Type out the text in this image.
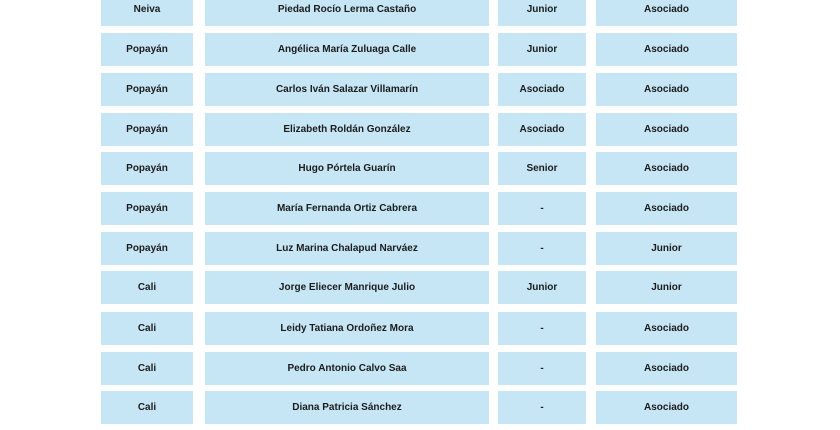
Neiva	Piedad Rocío Lerma Castaño	Junior	Asociado
Popayán	Angélica María Zuluaga Calle	Junior	Asociado
Popayán	Carlos Iván Salazar Villamarín	Asociado	Asociado
Popayán	Elizabeth Roldán González	Asociado	Asociado
Popayán	Hugo Pórtela Guarín	Senior	Asociado
Popayán	María Fernanda Ortiz Cabrera	-	Asociado
Popayán	Luz Marina Chalapud Narváez	-	Junior
Cali	Jorge Eliecer Manrique Julio	Junior	Junior
Cali	Leidy Tatiana Ordoñez Mora	-	Asociado
Cali	Pedro Antonio Calvo Saa	-	Asociado
Cali	Diana Patricia Sánchez	-	Asociado
